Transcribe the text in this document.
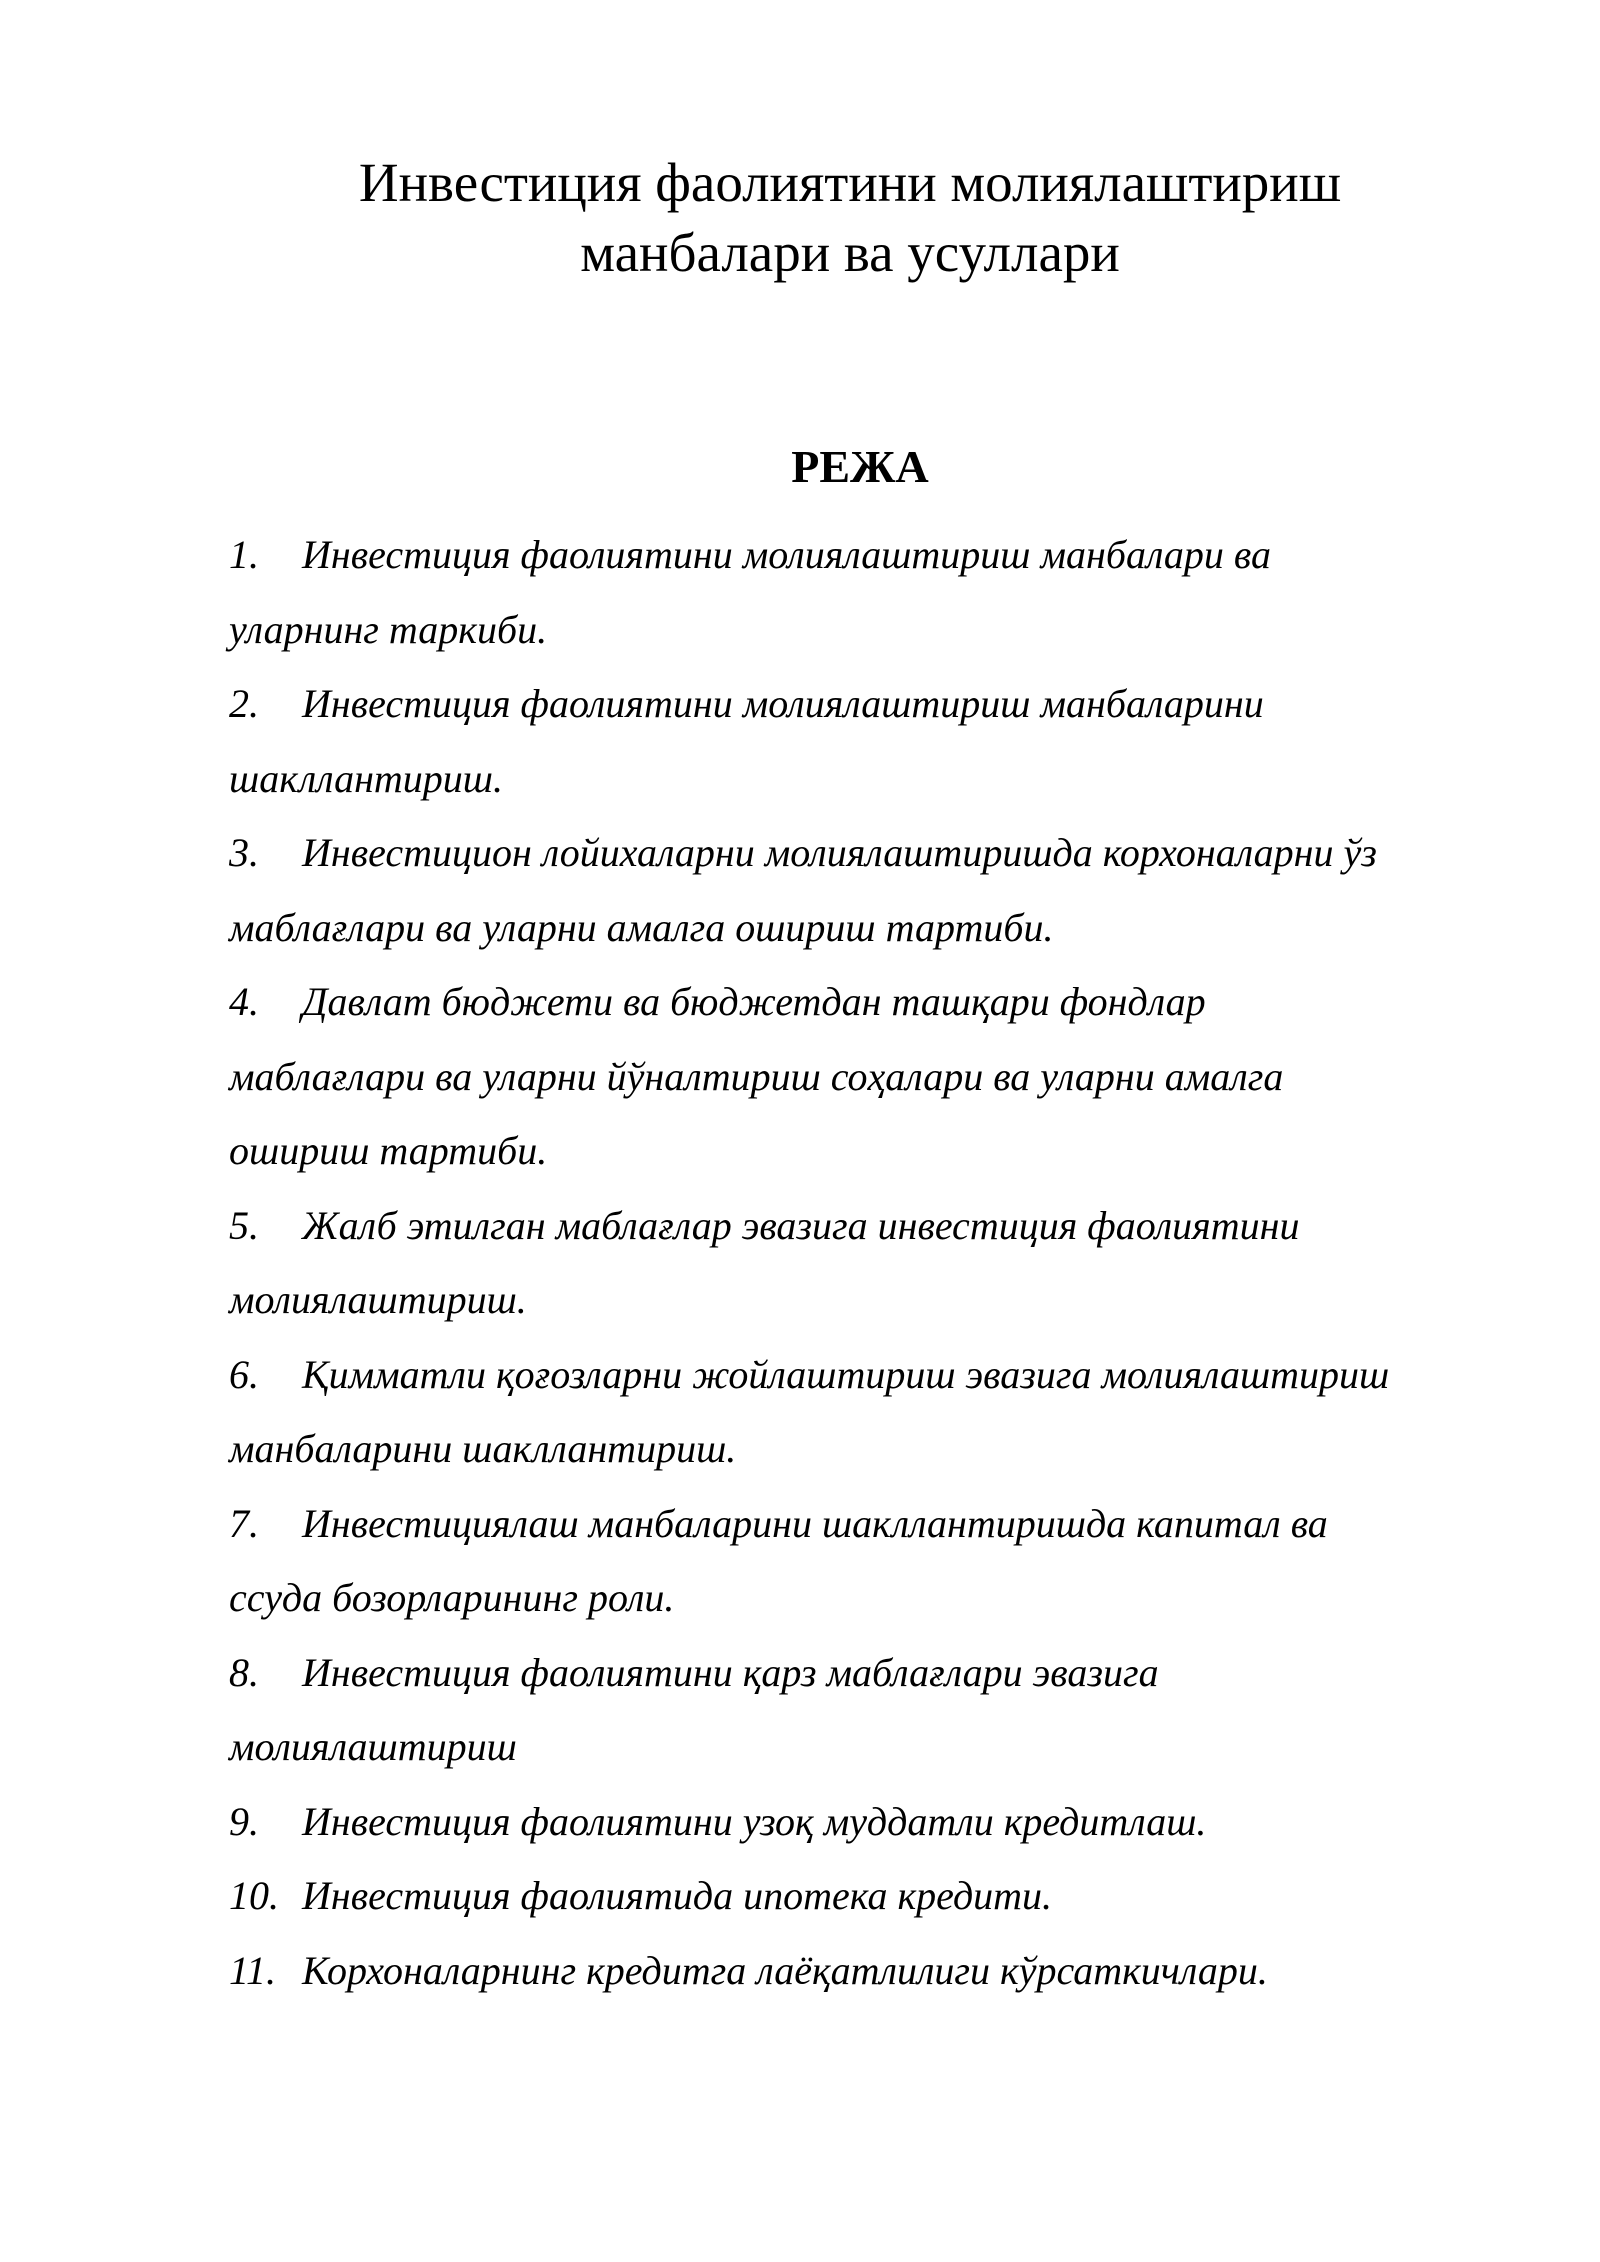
Инвестиция фаолиятини молиялаштириш
манбалари ва усуллари
РЕЖА
1. Инвестиция фаолиятини молиялаштириш манбалари ва
уларнинг таркиби.
2. Инвестиция фаолиятини молиялаштириш манбаларини
шакллантириш.
3. Инвестицион лойихаларни молиялаштиришда корхоналарни ўз
маблағлари ва уларни амалга ошириш тартиби.
4. Давлат бюджети ва бюджетдан ташқари фондлар
маблағлари ва уларни йўналтириш соҳалари ва уларни амалга
ошириш тартиби.
5. Жалб этилган маблағлар эвазига инвестиция фаолиятини
молиялаштириш.
6. Қимматли қоғозларни жойлаштириш эвазига молиялаштириш
манбаларини шакллантириш.
7. Инвестициялаш манбаларини шакллантиришда капитал ва
ссуда бозорларининг роли.
8. Инвестиция фаолиятини қарз маблағлари эвазига
молиялаштириш
9. Инвестиция фаолиятини узоқ муддатли кредитлаш.
10. Инвестиция фаолиятида ипотека кредити.
11. Корхоналарнинг кредитга лаёқатлилиги кўрсаткичлари.
